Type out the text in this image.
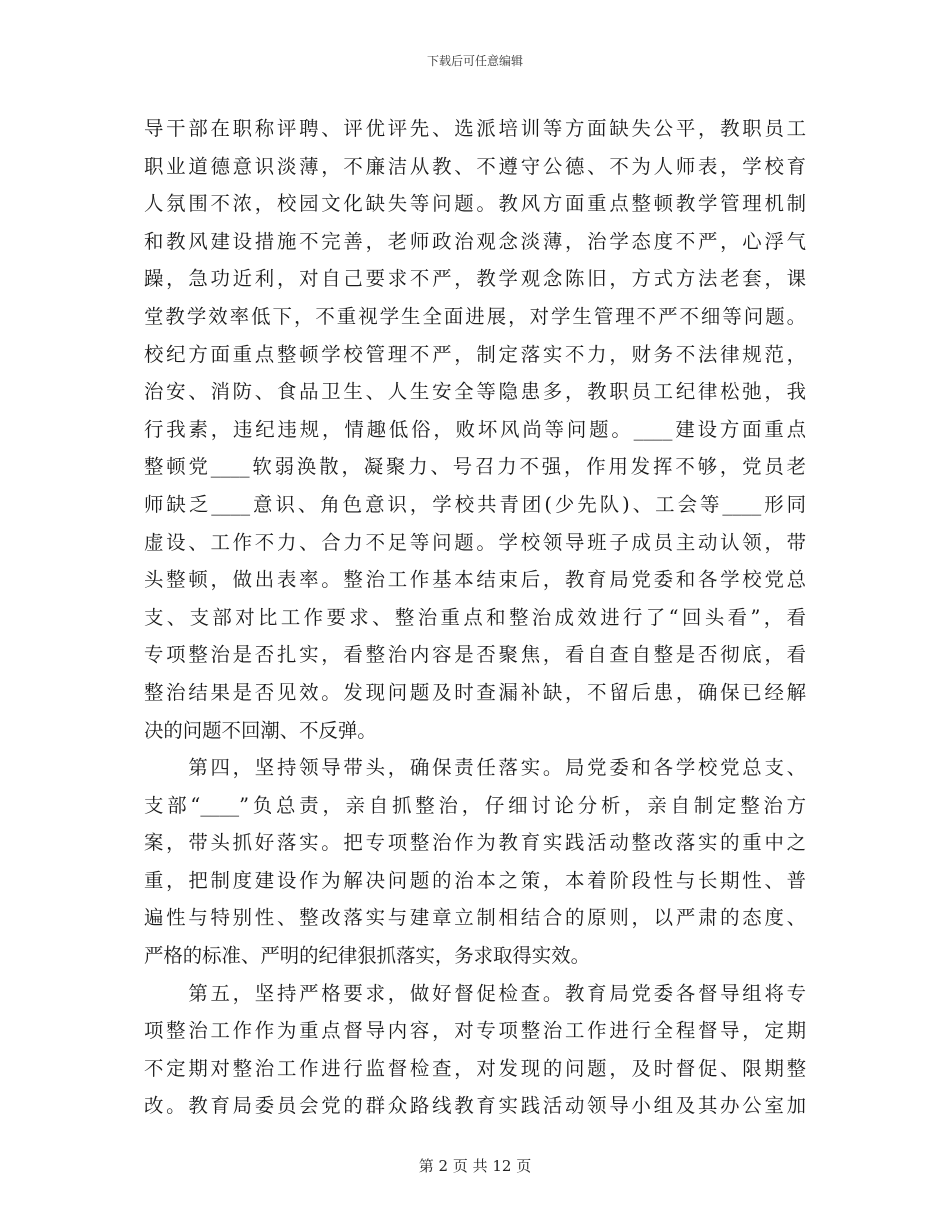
下载后可任意编辑
导干部在职称评聘、评优评先、选派培训等方面缺失公平，教职员工
职业道德意识淡薄，不廉洁从教、不遵守公德、不为人师表，学校育
人氛围不浓，校园文化缺失等问题。教风方面重点整顿教学管理机制
和教风建设措施不完善，老师政治观念淡薄，治学态度不严，心浮气
躁，急功近利，对自己要求不严，教学观念陈旧，方式方法老套，课
堂教学效率低下，不重视学生全面进展，对学生管理不严不细等问题。
校纪方面重点整顿学校管理不严，制定落实不力，财务不法律规范，
治安、消防、食品卫生、人生安全等隐患多，教职员工纪律松弛，我
行我素，违纪违规，情趣低俗，败坏风尚等问题。____建设方面重点
整顿党____软弱涣散，凝聚力、号召力不强，作用发挥不够，党员老
师缺乏____意识、角色意识，学校共青团(少先队)、工会等____形同
虚设、工作不力、合力不足等问题。学校领导班子成员主动认领，带
头整顿，做出表率。整治工作基本结束后，教育局党委和各学校党总
支、支部对比工作要求、整治重点和整治成效进行了“回头看”，看
专项整治是否扎实，看整治内容是否聚焦，看自查自整是否彻底，看
整治结果是否见效。发现问题及时查漏补缺，不留后患，确保已经解
决的问题不回潮、不反弹。
　　第四，坚持领导带头，确保责任落实。局党委和各学校党总支、
支部“____”负总责，亲自抓整治，仔细讨论分析，亲自制定整治方
案，带头抓好落实。把专项整治作为教育实践活动整改落实的重中之
重，把制度建设作为解决问题的治本之策，本着阶段性与长期性、普
遍性与特别性、整改落实与建章立制相结合的原则，以严肃的态度、
严格的标准、严明的纪律狠抓落实，务求取得实效。
　　第五，坚持严格要求，做好督促检查。教育局党委各督导组将专
项整治工作作为重点督导内容，对专项整治工作进行全程督导，定期
不定期对整治工作进行监督检查，对发现的问题，及时督促、限期整
改。教育局委员会党的群众路线教育实践活动领导小组及其办公室加
第 2 页 共 12 页
